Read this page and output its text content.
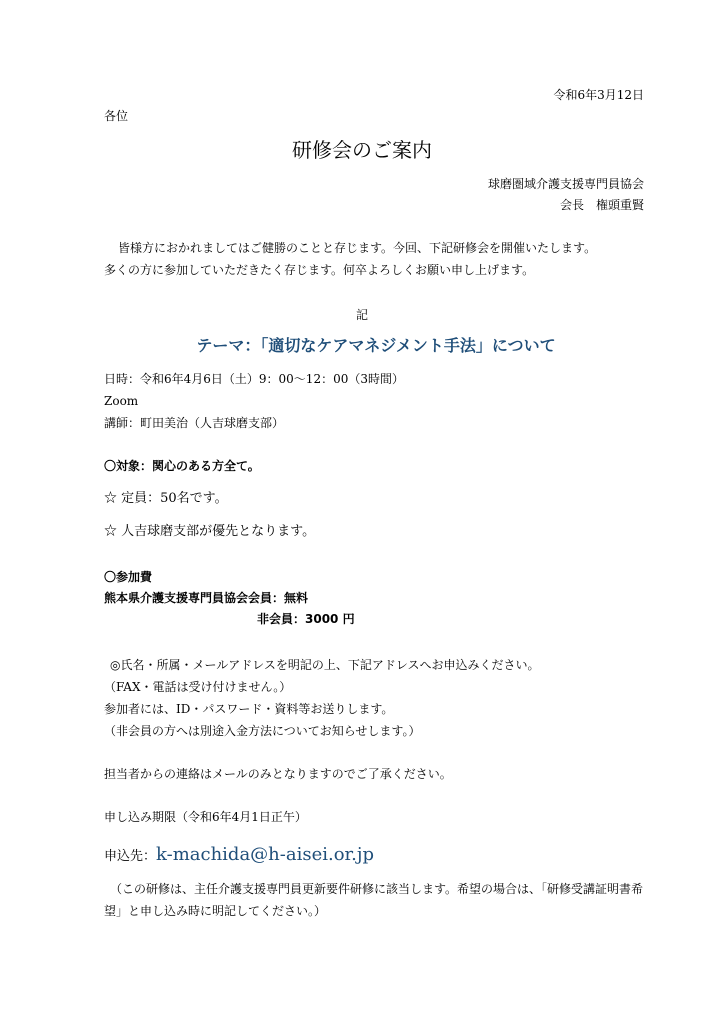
令和6年3月12日
各位
研修会のご案内
球磨圏域介護支援専門員協会
会長　権頭重賢
皆様方におかれましてはご健勝のことと存じます。今回、下記研修会を開催いたします。
多くの方に参加していただきたく存じます。何卒よろしくお願い申し上げます。
記
テーマ：「適切なケアマネジメント手法」について
日時：令和6年4月6日（土）9：00～12：00（3時間）
Zoom
講師：町田美治（人吉球磨支部）
〇対象：関心のある方全て。
☆ 定員：50名です。
☆ 人吉球磨支部が優先となります。
〇参加費
熊本県介護支援専門員協会会員：無料
非会員：3000 円
◎氏名・所属・メールアドレスを明記の上、下記アドレスへお申込みください。
（FAX・電話は受け付けません。）
参加者には、ID・パスワード・資料等お送りします。
（非会員の方へは別途入金方法についてお知らせします。）
担当者からの連絡はメールのみとなりますのでご了承ください。
申し込み期限（令和6年4月1日正午）
申込先：k-machida@h-aisei.or.jp
（この研修は、主任介護支援専門員更新要件研修に該当します。希望の場合は、「研修受講証明書希
望」と申し込み時に明記してください。）
